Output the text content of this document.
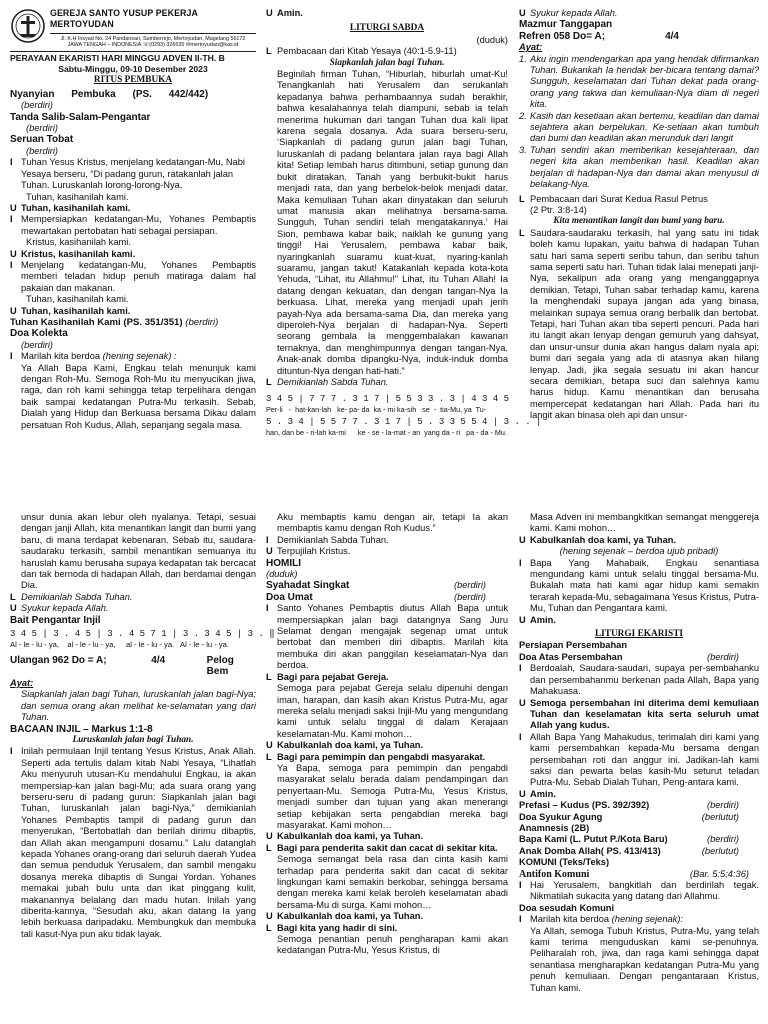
GEREJA SANTO YUSUP PEKERJA MERTOYUDAN

Jl. K.H Insyad No. 24 Pandansari, Sumberrejo, Mertoyudan, Magelang 56172

JAWA TENGAH – INDONESIA ☏(0293) 326635 ✉mertoyudan@kas.id

PERAYAAN EKARISTI HARI MINGGU ADVEN II-TH. B

Sabtu-Minggu, 09-10 Desember 2023

RITUS PEMBUKA

Nyanyian Pembuka (PS. 442/442)

(berdiri)

Tanda Salib-Salam-Pengantar

(berdiri)

Seruan Tobat

(berdiri)

I Tuhan Yesus Kristus, menjelang kedatangan-Mu, Nabi Yesaya berseru, “Di padang gurun, ratakanlah jalan Tuhan. Luruskanlah lorong-lorong-Nya.

Tuhan, kasihanilah kami.

U Tuhan, kasihanilah kami.
I Mempersiapkan kedatangan-Mu, Yohanes Pembaptis mewartakan pertobatan hati sebagai persiapan.

Kristus, kasihanilah kami.

U Kristus, kasihanilah kami.
I Menjelang kedatangan-Mu, Yohanes Pembaptis memberi teladan hidup penuh matiraga dalam hal pakaian dan makanan.

Tuhan, kasihanilah kami.

U Tuhan, kasihanilah kami.

Tuhan Kasihanilah Kami (PS. 351/351) (berdiri)

Doa Kolekta

(berdiri)

I Marilah kita berdoa (hening sejenak) :

Ya Allah Bapa Kami, Engkau telah menunjuk kami dengan Roh-Mu. Semoga Roh-Mu itu menyucikan jiwa, raga, dan roh kami sehingga tetap terpelihara dengan baik sampai kedatangan Putra-Mu terkasih. Sebab, Dialah yang Hidup dan Berkuasa bersama Dikau dalam persatuan Roh Kudus, Allah, sepanjang segala masa.

U Amin.

LITURGI SABDA

(duduk)

L Pembacaan dari Kitab Yesaya (40:1-5.9-11)

Siapkanlah jalan bagi Tuhan.

Beginilah firman Tuhan, “Hiburlah, hiburlah umat-Ku! Tenangkanlah hati Yerusalem dan serukanlah kepadanya bahwa perhambaannya sudah berakhir, bahwa kesalahannya telah diampuni, sebab ia telah menerima hukuman dari tangan Tuhan dua kali lipat karena segala dosanya. Ada suara berseru-seru, ‘Siapkanlah di padang gurun jalan bagi Tuhan, luruskanlah di padang belantara jalan raya bagi Allah kita! Setiap lembah harus ditimbuni, setiap gunung dan bukit diratakan. Tanah yang berbukit-bukit harus menjadi rata, dan yang berbelok-belok menjadi datar. Maka kemuliaan Tuhan akan dinyatakan dan seluruh umat manusia akan melihatnya bersama-sama. Sungguh, Tuhan sendiri telah mengatakannya.’ Hai Sion, pembawa kabar baik, naiklah ke gunung yang tinggi! Hai Yerusalem, pembawa kabar baik, nyaringkanlah suaramu kuat-kuat, nyaring-kanlah suaramu, jangan takut! Katakanlah kepada kota-kota Yehuda, “Lihat, itu Allahmu!” Lihat, itu Tuhan Allah! Ia datang dengan kekuatan, dan dengan tangan-Nya Ia berkuasa. Lihat, mereka yang menjadi upah jerih payah-Nya ada bersama-sama Dia, dan mereka yang diperoleh-Nya berjalan di hadapan-Nya. Seperti seorang gembala Ia menggembalakan kawanan ternaknya, dan menghimpunnya dengan tangan-Nya. Anak-anak domba dipangku-Nya, induk-induk domba dituntun-Nya dengan hati-hati.”

L Demikianlah Sabda Tuhan.
3 4 5 | 7 7 7 . 3 1 7 | 5 5 3 3 . 3 | 4 3 4 5
Per-li   -  hat-kan-lah   ke- pa- da  ka - mi ka-sih   se  -  tia-Mu, ya  Tu-
5 . 3 4 | 5 5 7 7 . 3 1 7 | 5 . 3 3 5 5 4 | 3 . . |
han, dan be - ri-lah ka-mi      ke - se - la-mat - an  yang da - ri   pa - da - Mu.
U Syukur kepada Allah.

Mazmur Tanggapan

Refren 058 Do= A;	4/4

Ayat:

1. Aku ingin mendengarkan apa yang hendak difirmankan Tuhan. Bukankah Ia hendak ber-bicara tentang damai? Sungguh, keselamatan dari Tuhan dekat pada orang-orang yang takwa dan kemuliaan-Nya diam di negeri kita.
2. Kasih dan kesetiaan akan bertemu, keadilan dan damai sejahtera akan berpelukan. Ke-setiaan akan tumbuh dari bumi dan keadilan akan merunduk dari langit
3. Tuhan sendiri akan memberikan kesejahteraan, dan negeri kita akan memberikan hasil. Keadilan akan berjalan di hadapan-Nya dan damai akan menyusul di belakang-Nya.
L Pembacaan dari Surat Kedua Rasul Petrus

(2 Ptr. 3:8-14)

Kita menantikan langit dan bumi yang baru.

L Saudara-saudaraku terkasih, hal yang satu ini tidak boleh kamu lupakan, yaitu bahwa di hadapan Tuhan satu hari sama seperti seribu tahun, dan seribu tahun sama seperti satu hari. Tuhan tidak lalai menepati janji-Nya, sekalipun ada orang yang menganggapnya demikian. Tetapi, Tuhan sabar terhadap kamu, karena Ia menghendaki supaya jangan ada yang binasa, melainkan supaya semua orang berbalik dan bertobat. Tetapi, hari Tuhan akan tiba seperti pencuri. Pada hari itu langit akan lenyap dengan gemuruh yang dahsyat, dan unsur-unsur dunia akan hangus dalam nyala api; bumi dan segala yang ada di atasnya akan hilang lenyap. Jadi, jika segala sesuatu ini akan hancur secara demikian, betapa suci dan salehnya kamu harus hidup. Kamu menantikan dan berusaha mempercepat kedatangan hari Allah. Pada hari itu langit akan binasa oleh api dan unsur-

unsur dunia akan lebur oleh nyalanya. Tetapi, sesuai dengan janji Allah, kita menantikan langit dan bumi yang baru, di mana terdapat kebenaran. Sebab itu, saudara-saudaraku terkasih, sambil menantikan semuanya itu haruslah kamu berusaha supaya kedapatan tak bercacat dan tak bernoda di hadapan Allah, dan berdamai dengan Dia.

L Demikianlah Sabda Tuhan.
U Syukur kepada Allah.

Bait Pengantar Injil

3 4 5 | 3 . 4 5 | 3 . 4 5 7 1 | 3 . 3 4 5 | 3 . ‖
Al - le - lu - ya,    al - le - lu - ya,     al - le - lu - ya.   Al - le - lu - ya.
Ulangan 962 Do = A;	4/4	Pelog Bem

Ayat:

Siapkanlah jalan bagi Tuhan, luruskanlah jalan bagi-Nya; dan semua orang akan melihat ke-selamatan yang dari Tuhan.

BACAAN INJIL – Markus 1:1-8

Luruskanlah jalan bagi Tuhan.

I Inilah permulaan Injil tentang Yesus Kristus, Anak Allah. Seperti ada tertulis dalam kitab Nabi Yesaya, “Lihatlah Aku menyuruh utusan-Ku mendahului Engkau, ia akan mempersiap-kan jalan bagi-Mu; ada suara orang yang berseru-seru di padang gurun: Siapkanlah jalan bagi Tuhan, luruskanlah jalan bagi-Nya,” demikianlah Yohanes Pembaptis tampil di padang gurun dan menyerukan, “Bertobatlah dan berilah dirimu dibaptis, dan Allah akan mengampuni dosamu.” Lalu datanglah kepada Yohanes orang-orang dari seluruh daerah Yudea dan semua penduduk Yerusalem, dan sambil mengaku dosanya mereka dibaptis di Sungai Yordan. Yohanes memakai jubah bulu unta dan ikat pinggang kulit, makanannya belalang dan madu hutan. Inilah yang diberita-kannya, “Sesudah aku, akan datang Ia yang lebih berkuasa daripadaku. Membungkuk dan membuka tali kasut-Nya pun aku tidak layak.

Aku membaptis kamu dengan air, tetapi Ia akan membaptis kamu dengan Roh Kudus.”

I Demikianlah Sabda Tuhan.
U Terpujilah Kristus.

HOMILI

(duduk)

Syahadat Singkat	(berdiri)
Doa Umat	(berdiri)
I Santo Yohanes Pembaptis diutus Allah Bapa untuk mempersiapkan jalan bagi datangnya Sang Juru Selamat dengan mengajak segenap umat untuk bertobat dan memberi diri dibaptis. Marilah kita membuka diri akan panggilan keselamatan-Nya dan berdoa.
L Bagi para pejabat Gereja.

Semoga para pejabat Gereja selalu dipenuhi dengan iman, harapan, dan kasih akan Kristus Putra-Mu, agar mereka selalu menjadi saksi Injil-Mu yang mengundang kami untuk selalu tinggal di dalam Kerajaan keselamatan-Mu. Kami mohon…

U Kabulkanlah doa kami, ya Tuhan.
L Bagi para pemimpin dan pengabdi masyarakat.

Ya Bapa, semoga para pemimpin dan pengabdi masyarakat selalu berada dalam pendampingan dan penyertaan-Mu. Semoga Putra-Mu, Yesus Kristus, menjadi sumber dan tujuan yang akan menerangi setiap kebijakan serta pengabdian mereka bagi masyarakat. Kami mohon…

U Kabulkanlah doa kami, ya Tuhan.
L Bagi para penderita sakit dan cacat di sekitar kita.

Semoga semangat bela rasa dan cinta kasih kami terhadap para penderita sakit dan cacat di sekitar lingkungan kami semakin berkobar, sehingga bersama dengan mereka kami kelak beroleh keselamatan abadi bersama-Mu di surga. Kami mohon…

U Kabulkanlah doa kami, ya Tuhan.
L Bagi kita yang hadir di sini.

Semoga penantian penuh pengharapan kami akan kedatangan Putra-Mu, Yesus Kristus, di

Masa Adven ini membangkitkan semangat menggereja kami. Kami mohon…

U Kabulkanlah doa kami, ya Tuhan.

(hening sejenak – berdoa ujub pribadi)

I Bapa Yang Mahabaik, Engkau senantiasa mengundang kami untuk selalu tinggal bersama-Mu. Bukalah mata hati kami agar hidup kami semakin terarah kepada-Mu, sebagaimana Yesus Kristus, Putra-Mu, Tuhan dan Pengantara kami.
U Amin.

LITURGI EKARISTI

Persiapan Persembahan

Doa Atas Persembahan	(berdiri)
I Berdoalah, Saudara-saudari, supaya per-sembahanku dan persembahanmu berkenan pada Allah, Bapa yang Mahakuasa.
U Semoga persembahan ini diterima demi kemuliaan Tuhan dan keselamatan kita serta seluruh umat Allah yang kudus.
I Allah Bapa Yang Mahakudus, terimalah diri kami yang kami persembahkan kepada-Mu bersama dengan persembahan roti dan anggur ini. Jadikan-lah kami saksi dan pewarta belas kasih-Mu seturut teladan Putra-Mu. Sebab Dialah Tuhan, Peng-antara kami.
U Amin.
Prefasi – Kudus (PS. 392/392)	(berdiri)
Doa Syukur Agung	(berlutut)

Anamnesis (2B)

Bapa Kami (L. Putut P./Kota Baru)	(berdiri)
Anak Domba Allah( PS. 413/413)	(berlutut)

KOMUNI (Teks/Teks)

Antifon Komuni	(Bar. 5:5;4:36)
I Hai Yerusalem, bangkitlah dan berdirilah tegak. Nikmatilah sukacita yang datang dari Allahmu.

Doa sesudah Komuni

I Marilah kita berdoa (hening sejenak):

Ya Allah, semoga Tubuh Kristus, Putra-Mu, yang telah kami terima menguduskan kami se-penuhnya. Peliharalah roh, jiwa, dan raga kami sehingga dapat senantiasa mengharapkan kedatangan Putra-Mu yang penuh kemuliaan. Dengan pengantaraan Kristus, Tuhan kami.
